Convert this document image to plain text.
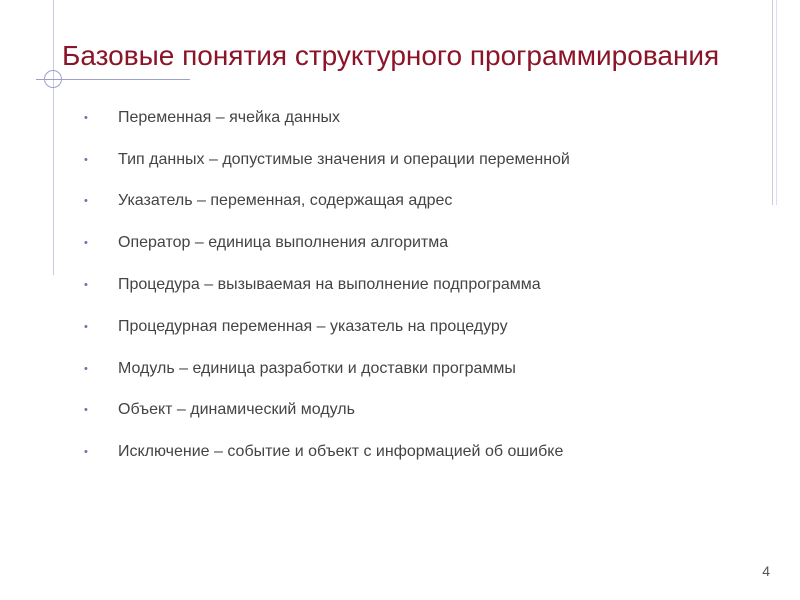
Базовые понятия структурного программирования
•	Переменная – ячейка данных
•	Тип данных – допустимые значения и операции переменной
•	Указатель – переменная, содержащая адрес
•	Оператор – единица выполнения алгоритма
•	Процедура – вызываемая на выполнение подпрограмма
•	Процедурная переменная – указатель на процедуру
•	Модуль – единица разработки и доставки программы
•	Объект – динамический модуль
•	Исключение – событие и объект с информацией об ошибке
4
